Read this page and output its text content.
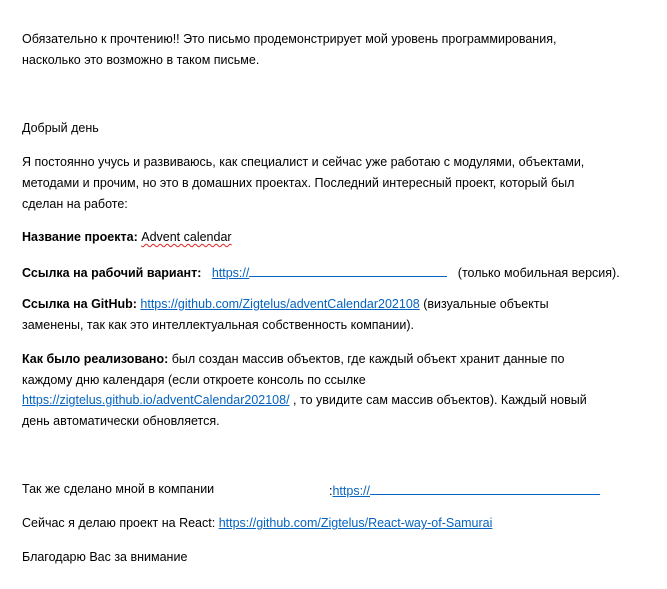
Обязательно к прочтению!! Это письмо продемонстрирует мой уровень программирования,
насколько это возможно в таком письме.
Добрый день
Я постоянно учусь и развиваюсь, как специалист и сейчас уже работаю с модулями, объектами,
методами и прочим, но это в домашних проектах. Последний интересный проект, который был
сделан на работе:
Название проекта: Advent calendar
Ссылка на рабочий вариант: https://	(только мобильная версия).
Ссылка на GitHub: https://github.com/Zigtelus/adventCalendar202108 (визуальные объекты
заменены, так как это интеллектуальная собственность компании).
Как было реализовано: был создан массив объектов, где каждый объект хранит данные по
каждому дню календаря (если откроете консоль по ссылке
https://zigtelus.github.io/adventCalendar202108/ , то увидите сам массив объектов). Каждый новый
день автоматически обновляется.
Так же сделано мной в компании	:https://
Сейчас я делаю проект на React: https://github.com/Zigtelus/React-way-of-Samurai
Благодарю Вас за внимание
